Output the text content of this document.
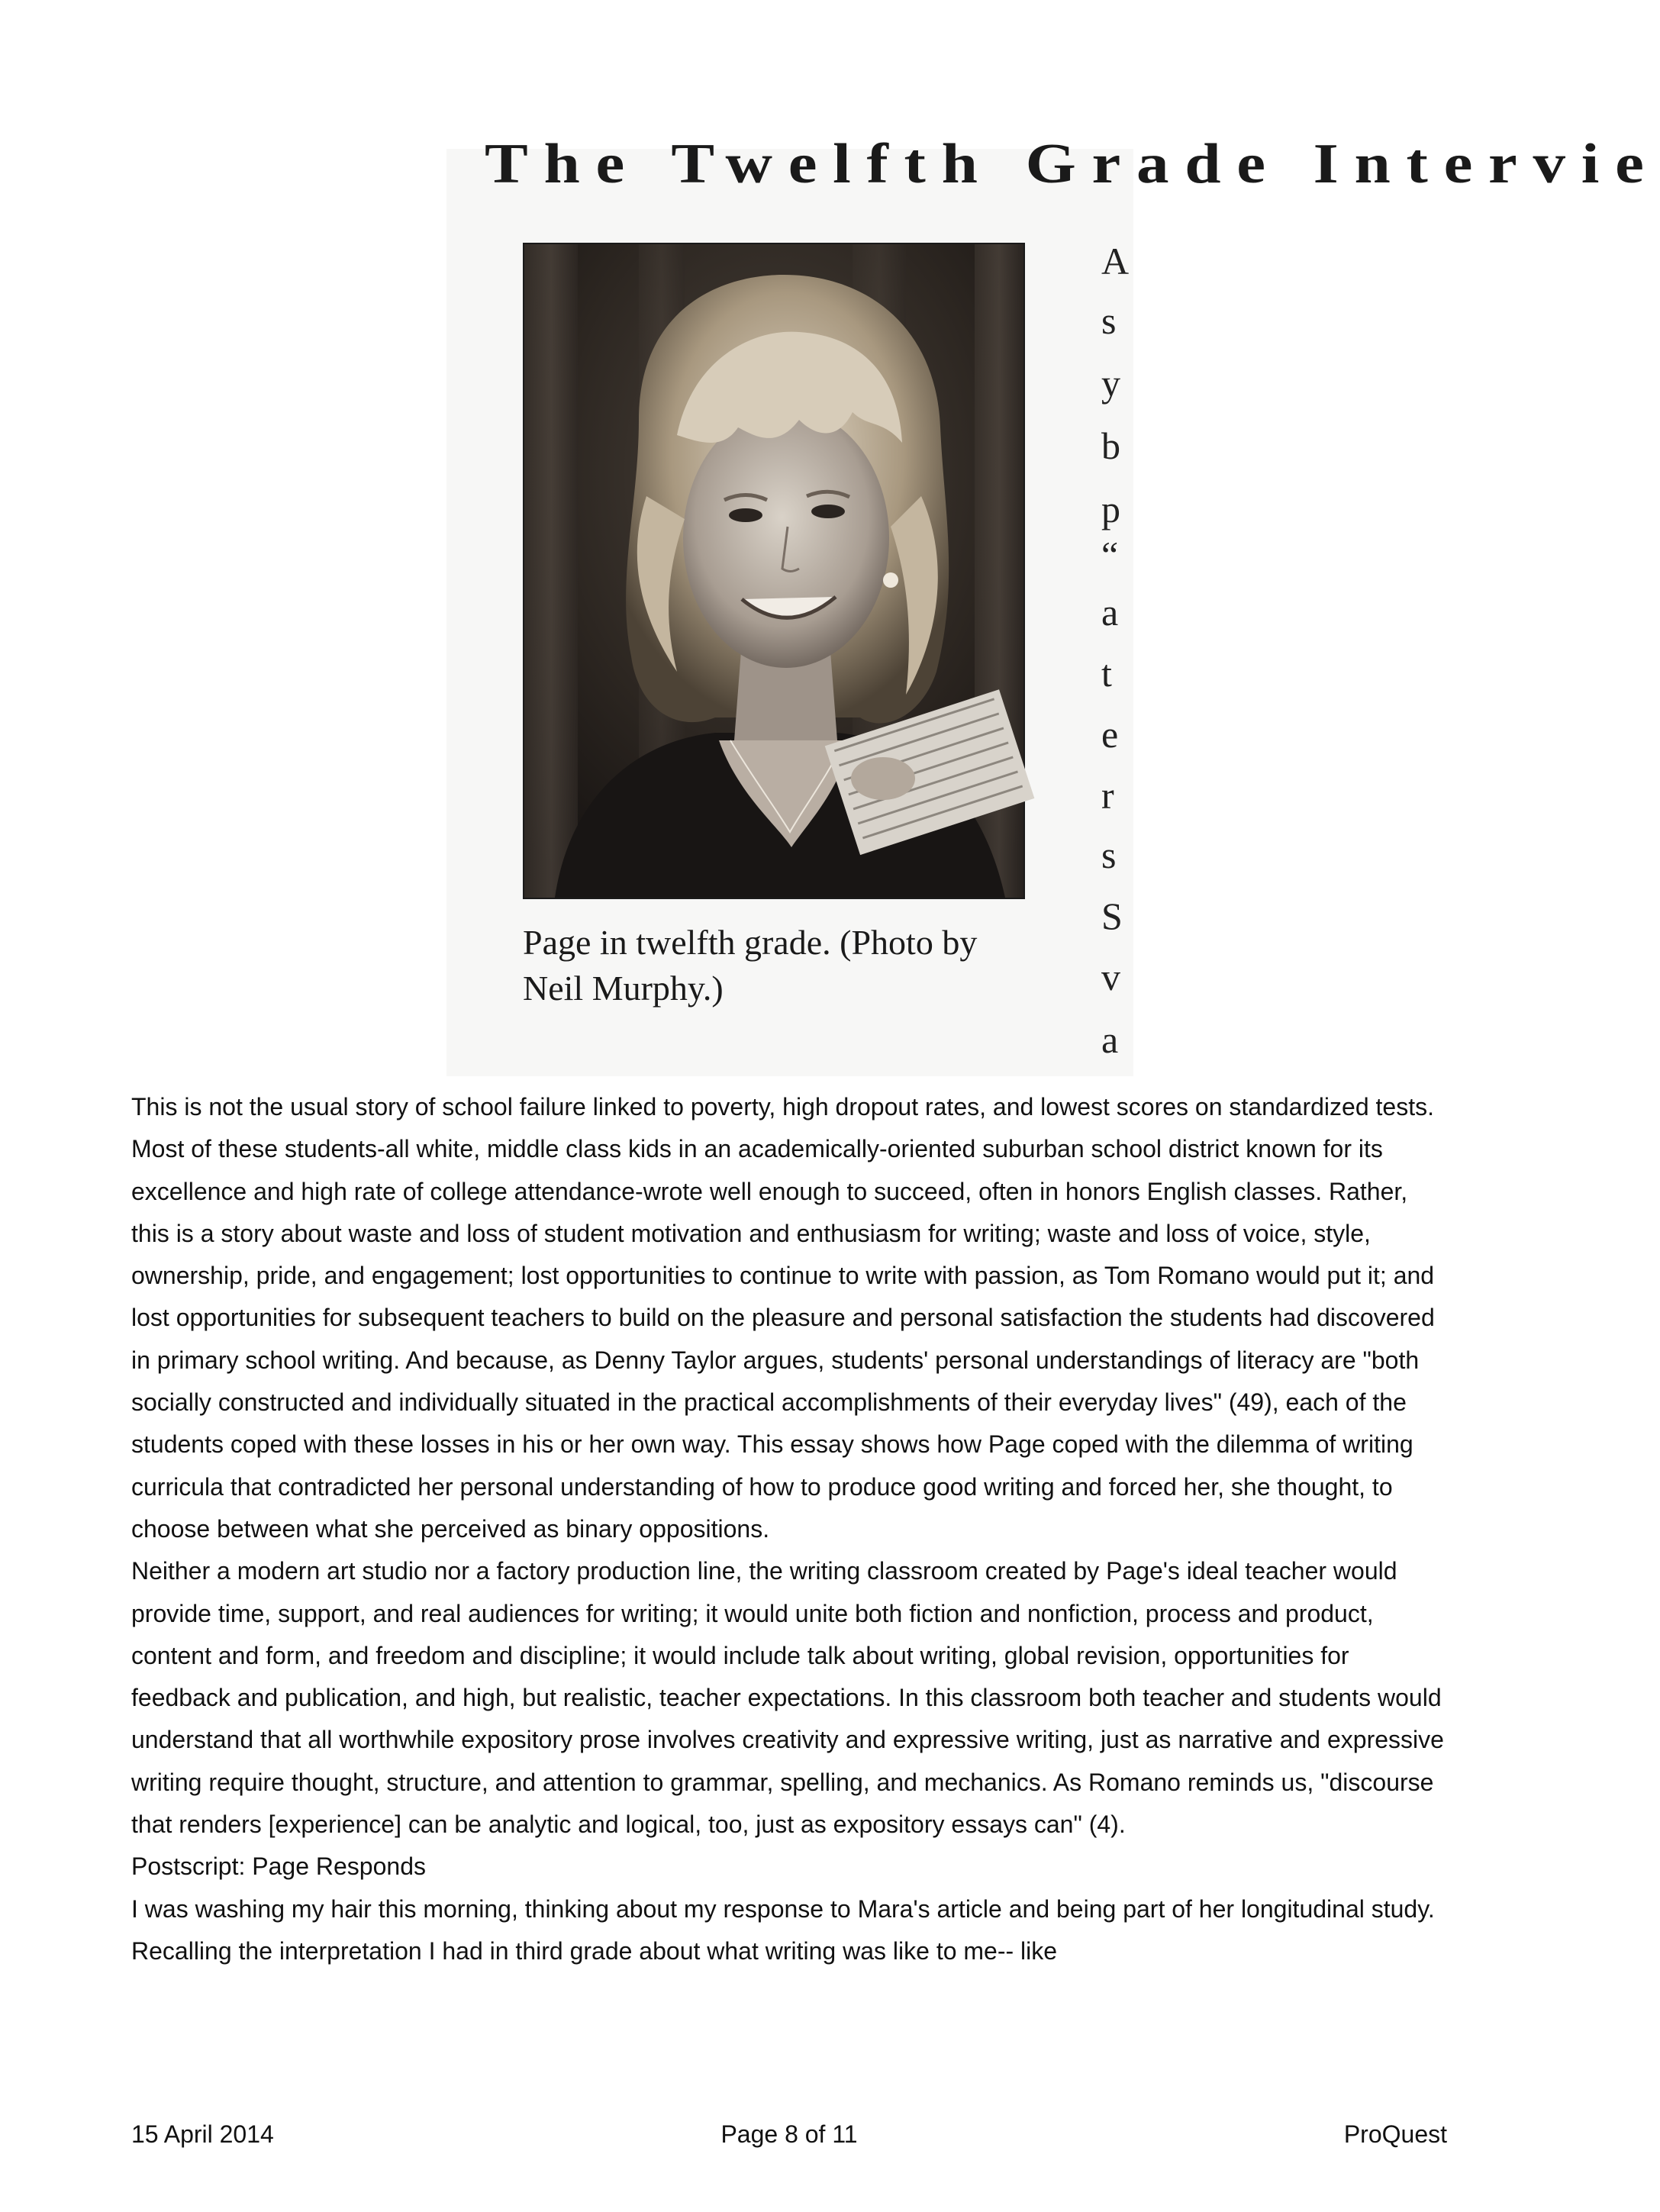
The Twelfth Grade Intervie
Page in twelfth grade. (Photo by
Neil Murphy.)
A
s
y
b
p
“
a
t
e
r
s
S
v
a

This is not the usual story of school failure linked to poverty, high dropout rates, and lowest scores on standardized tests. Most of these students-all white, middle class kids in an academically-oriented suburban school district known for its excellence and high rate of college attendance-wrote well enough to succeed, often in honors English classes. Rather, this is a story about waste and loss of student motivation and enthusiasm for writing; waste and loss of voice, style, ownership, pride, and engagement; lost opportunities to continue to write with passion, as Tom Romano would put it; and lost opportunities for subsequent teachers to build on the pleasure and personal satisfaction the students had discovered in primary school writing. And because, as Denny Taylor argues, students' personal understandings of literacy are "both socially constructed and individually situated in the practical accomplishments of their everyday lives" (49), each of the students coped with these losses in his or her own way. This essay shows how Page coped with the dilemma of writing curricula that contradicted her personal understanding of how to produce good writing and forced her, she thought, to choose between what she perceived as binary oppositions.

Neither a modern art studio nor a factory production line, the writing classroom created by Page's ideal teacher would provide time, support, and real audiences for writing; it would unite both fiction and nonfiction, process and product, content and form, and freedom and discipline; it would include talk about writing, global revision, opportunities for feedback and publication, and high, but realistic, teacher expectations. In this classroom both teacher and students would understand that all worthwhile expository prose involves creativity and expressive writing, just as narrative and expressive writing require thought, structure, and attention to grammar, spelling, and mechanics. As Romano reminds us, "discourse that renders [experience] can be analytic and logical, too, just as expository essays can" (4).

Postscript: Page Responds

I was washing my hair this morning, thinking about my response to Mara's article and being part of her longitudinal study. Recalling the interpretation I had in third grade about what writing was like to me-- like

15 April 2014	Page 8 of 11	ProQuest
